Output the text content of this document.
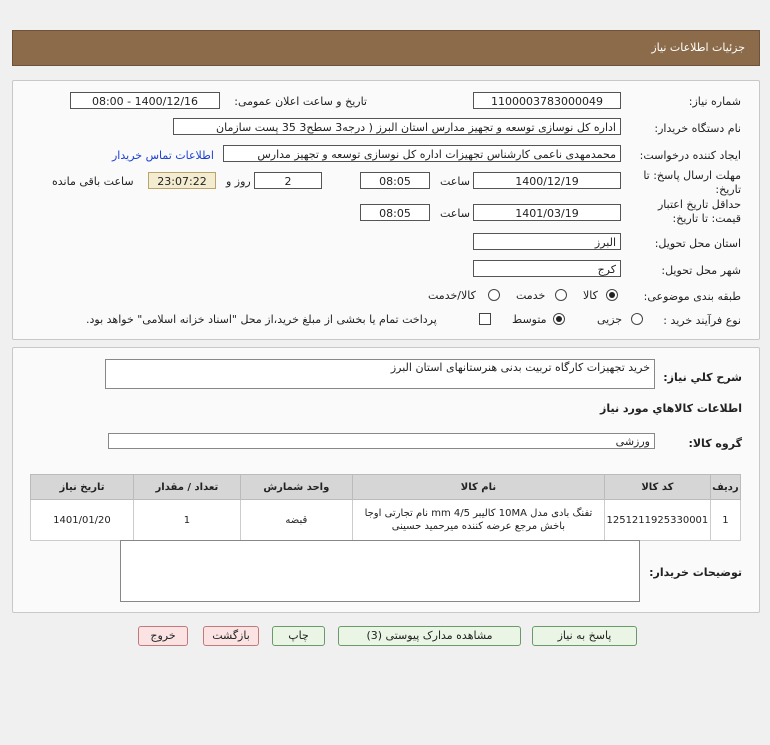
جزئیات اطلاعات نیاز
شماره نیاز:
1100003783000049
تاریخ و ساعت اعلان عمومی:
1400/12/16 - 08:00
نام دستگاه خریدار:
اداره کل نوسازی توسعه و تجهیز مدارس استان البرز ( درجه3 سطح3 35 پست سازمان
ایجاد کننده درخواست:
محمدمهدی ناعمی کارشناس تجهیزات اداره کل نوسازی توسعه و تجهیز مدارس
اطلاعات تماس خریدار
مهلت ارسال پاسخ: تا تاریخ:
1400/12/19
ساعت
08:05
2
روز و
23:07:22
ساعت باقی مانده
حداقل تاریخ اعتبار قیمت: تا تاریخ:
1401/03/19
ساعت
08:05
استان محل تحویل:
البرز
شهر محل تحویل:
کرج
طبقه بندی موضوعی:
کالا
خدمت
کالا/خدمت
نوع فرآیند خرید :
جزیی
متوسط
پرداخت تمام یا بخشی از مبلغ خرید،از محل "اسناد خزانه اسلامی" خواهد بود.
شرح کلي نياز:
خرید تجهیزات کارگاه تربیت بدنی هنرستانهای استان البرز
اطلاعات کالاهاي مورد نياز
گروه کالا:
ورزشی
ردیف	کد کالا	نام کالا	واحد شمارش	تعداد / مقدار	تاریخ نیاز
1	1251211925330001	تفنگ بادی مدل 10MA کالیبر 4/5 mm نام تجارتی اوجا باخش مرجع عرضه کننده میرحمید حسینی	قبضه	1	1401/01/20
توضیحات خریدار:
پاسخ به نیاز
مشاهده مدارک پیوستی (3)
چاپ
بازگشت
خروج
